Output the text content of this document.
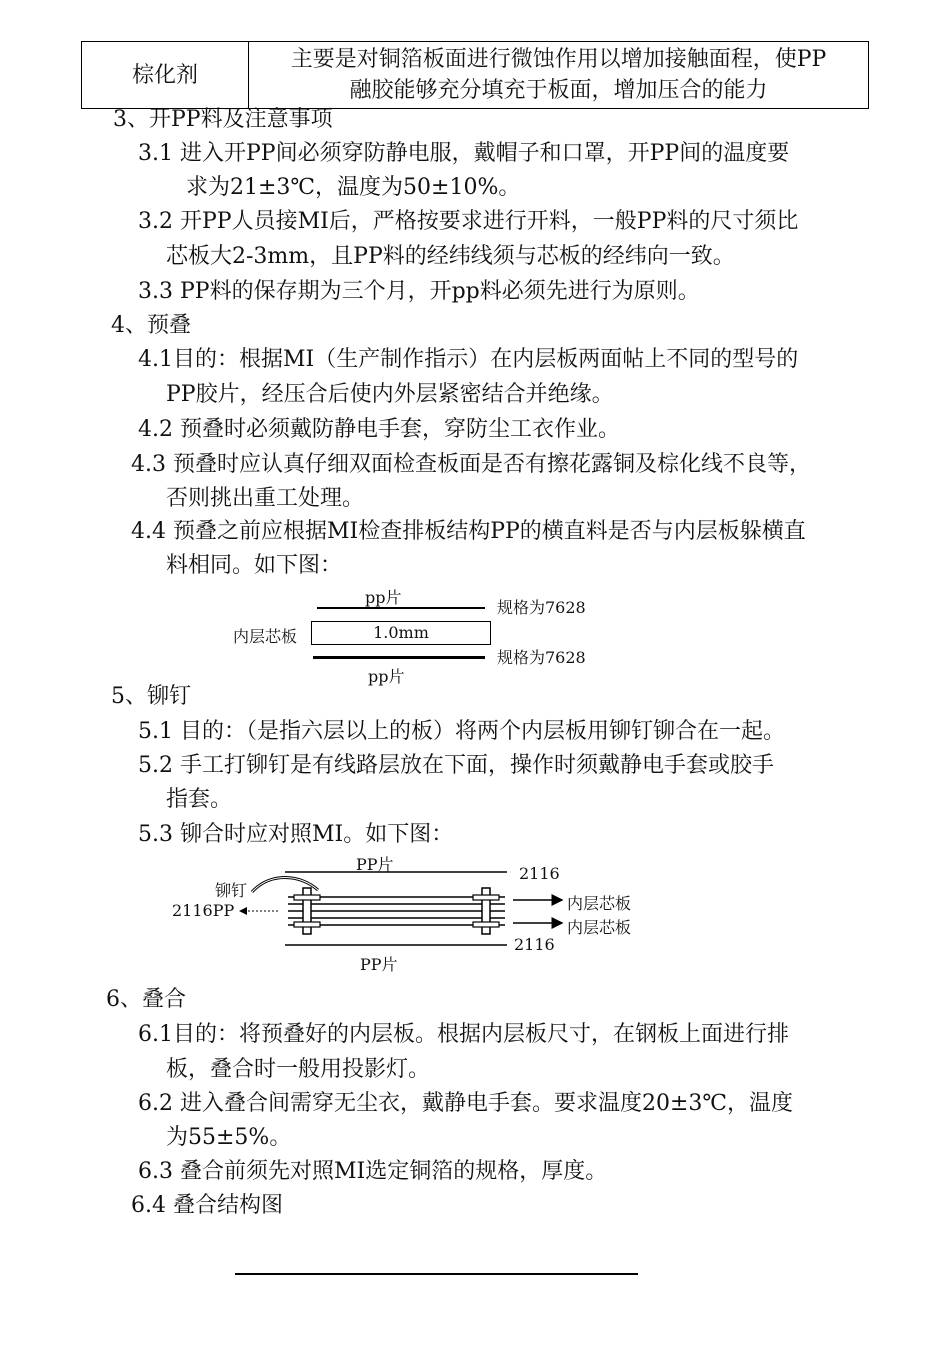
棕化剂	
主要是对铜箔板面进行微蚀作用以增加接触面程，使PP
融胶能够充分填充于板面，增加压合的能力
3、开PP料及注意事项
3.1 进入开PP间必须穿防静电服，戴帽子和口罩，开PP间的温度要
求为21±3℃，温度为50±10%。
3.2 开PP人员接MI后，严格按要求进行开料，一般PP料的尺寸须比
芯板大2-3mm，且PP料的经纬线须与芯板的经纬向一致。
3.3 PP料的保存期为三个月，开pp料必须先进行为原则。
4、预叠
4.1目的：根据MI（生产制作指示）在内层板两面帖上不同的型号的
PP胶片，经压合后使内外层紧密结合并绝缘。
4.2 预叠时必须戴防静电手套，穿防尘工衣作业。
4.3 预叠时应认真仔细双面检查板面是否有擦花露铜及棕化线不良等，
否则挑出重工处理。
4.4 预叠之前应根据MI检查排板结构PP的横直料是否与内层板躲横直
料相同。如下图：
pp片
规格为7628
内层芯板	1.0mm
规格为7628
pp片
5、铆钉
5.1 目的：（是指六层以上的板）将两个内层板用铆钉铆合在一起。
5.2 手工打铆钉是有线路层放在下面，操作时须戴静电手套或胶手
指套。
5.3 铆合时应对照MI。如下图：
PP片	2116
铆钉
2116PP	内层芯板
内层芯板
2116
PP片
6、叠合
6.1目的：将预叠好的内层板。根据内层板尺寸，在钢板上面进行排
板，叠合时一般用投影灯。
6.2 进入叠合间需穿无尘衣，戴静电手套。要求温度20±3℃，温度
为55±5%。
6.3 叠合前须先对照MI选定铜箔的规格，厚度。
6.4 叠合结构图
